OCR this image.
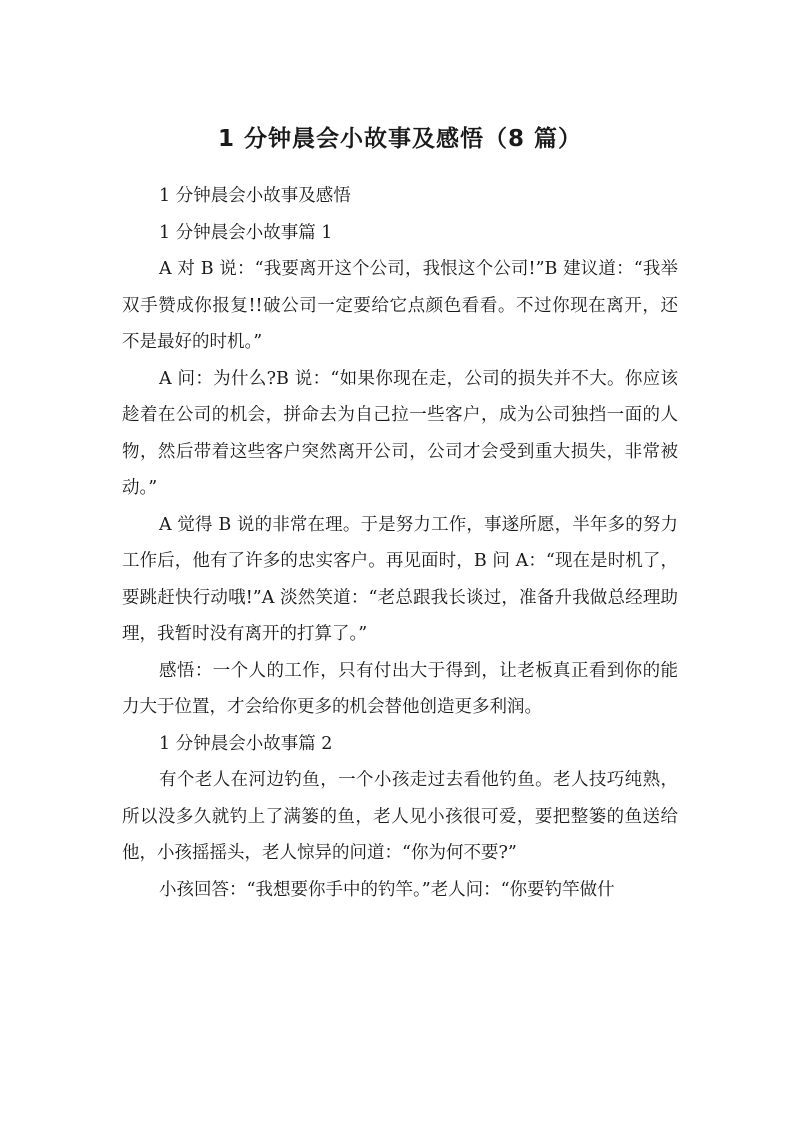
1 分钟晨会小故事及感悟（8 篇）

1 分钟晨会小故事及感悟

1 分钟晨会小故事篇 1

A 对 B 说：“我要离开这个公司，我恨这个公司!”B 建议道：“我举双手赞成你报复!!破公司一定要给它点颜色看看。不过你现在离开，还不是最好的时机。”

A 问：为什么?B 说：“如果你现在走，公司的损失并不大。你应该趁着在公司的机会，拼命去为自己拉一些客户，成为公司独挡一面的人物，然后带着这些客户突然离开公司，公司才会受到重大损失，非常被动。”

A 觉得 B 说的非常在理。于是努力工作，事遂所愿，半年多的努力工作后，他有了许多的忠实客户。再见面时，B 问 A：“现在是时机了，要跳赶快行动哦!”A 淡然笑道：“老总跟我长谈过，准备升我做总经理助理，我暂时没有离开的打算了。”

感悟：一个人的工作，只有付出大于得到，让老板真正看到你的能力大于位置，才会给你更多的机会替他创造更多利润。

1 分钟晨会小故事篇 2

有个老人在河边钓鱼，一个小孩走过去看他钓鱼。老人技巧纯熟，所以没多久就钓上了满篓的鱼，老人见小孩很可爱，要把整篓的鱼送给他，小孩摇摇头，老人惊异的问道：“你为何不要?”

小孩回答：“我想要你手中的钓竿。”老人问：“你要钓竿做什
